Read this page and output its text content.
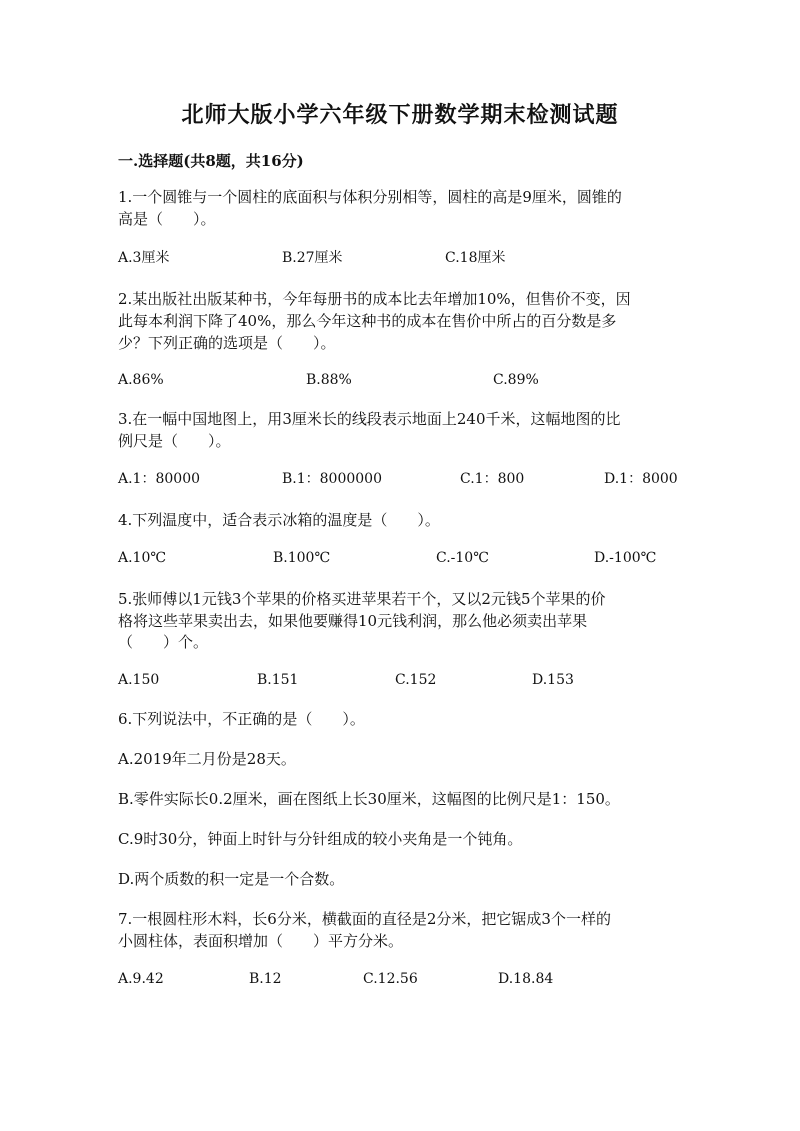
北师大版小学六年级下册数学期末检测试题
一.选择题(共8题，共16分)
1.一个圆锥与一个圆柱的底面积与体积分别相等，圆柱的高是9厘米，圆锥的
高是（　　）。
A.3厘米	B.27厘米	C.18厘米
2.某出版社出版某种书，今年每册书的成本比去年增加10%，但售价不变，因
此每本利润下降了40%，那么今年这种书的成本在售价中所占的百分数是多
少？下列正确的选项是（　　）。
A.86%	B.88%	C.89%
3.在一幅中国地图上，用3厘米长的线段表示地面上240千米，这幅地图的比
例尺是（　　）。
A.1：80000	B.1：8000000	C.1：800	D.1：8000
4.下列温度中，适合表示冰箱的温度是（　　）。
A.10℃	B.100℃	C.-10℃	D.-100℃
5.张师傅以1元钱3个苹果的价格买进苹果若干个，又以2元钱5个苹果的价
格将这些苹果卖出去，如果他要赚得10元钱利润，那么他必须卖出苹果
（　　）个。
A.150	B.151	C.152	D.153
6.下列说法中，不正确的是（　　）。
A.2019年二月份是28天。
B.零件实际长0.2厘米，画在图纸上长30厘米，这幅图的比例尺是1：150。
C.9时30分，钟面上时针与分针组成的较小夹角是一个钝角。
D.两个质数的积一定是一个合数。
7.一根圆柱形木料，长6分米，横截面的直径是2分米，把它锯成3个一样的
小圆柱体，表面积增加（　　）平方分米。
A.9.42	B.12	C.12.56	D.18.84
